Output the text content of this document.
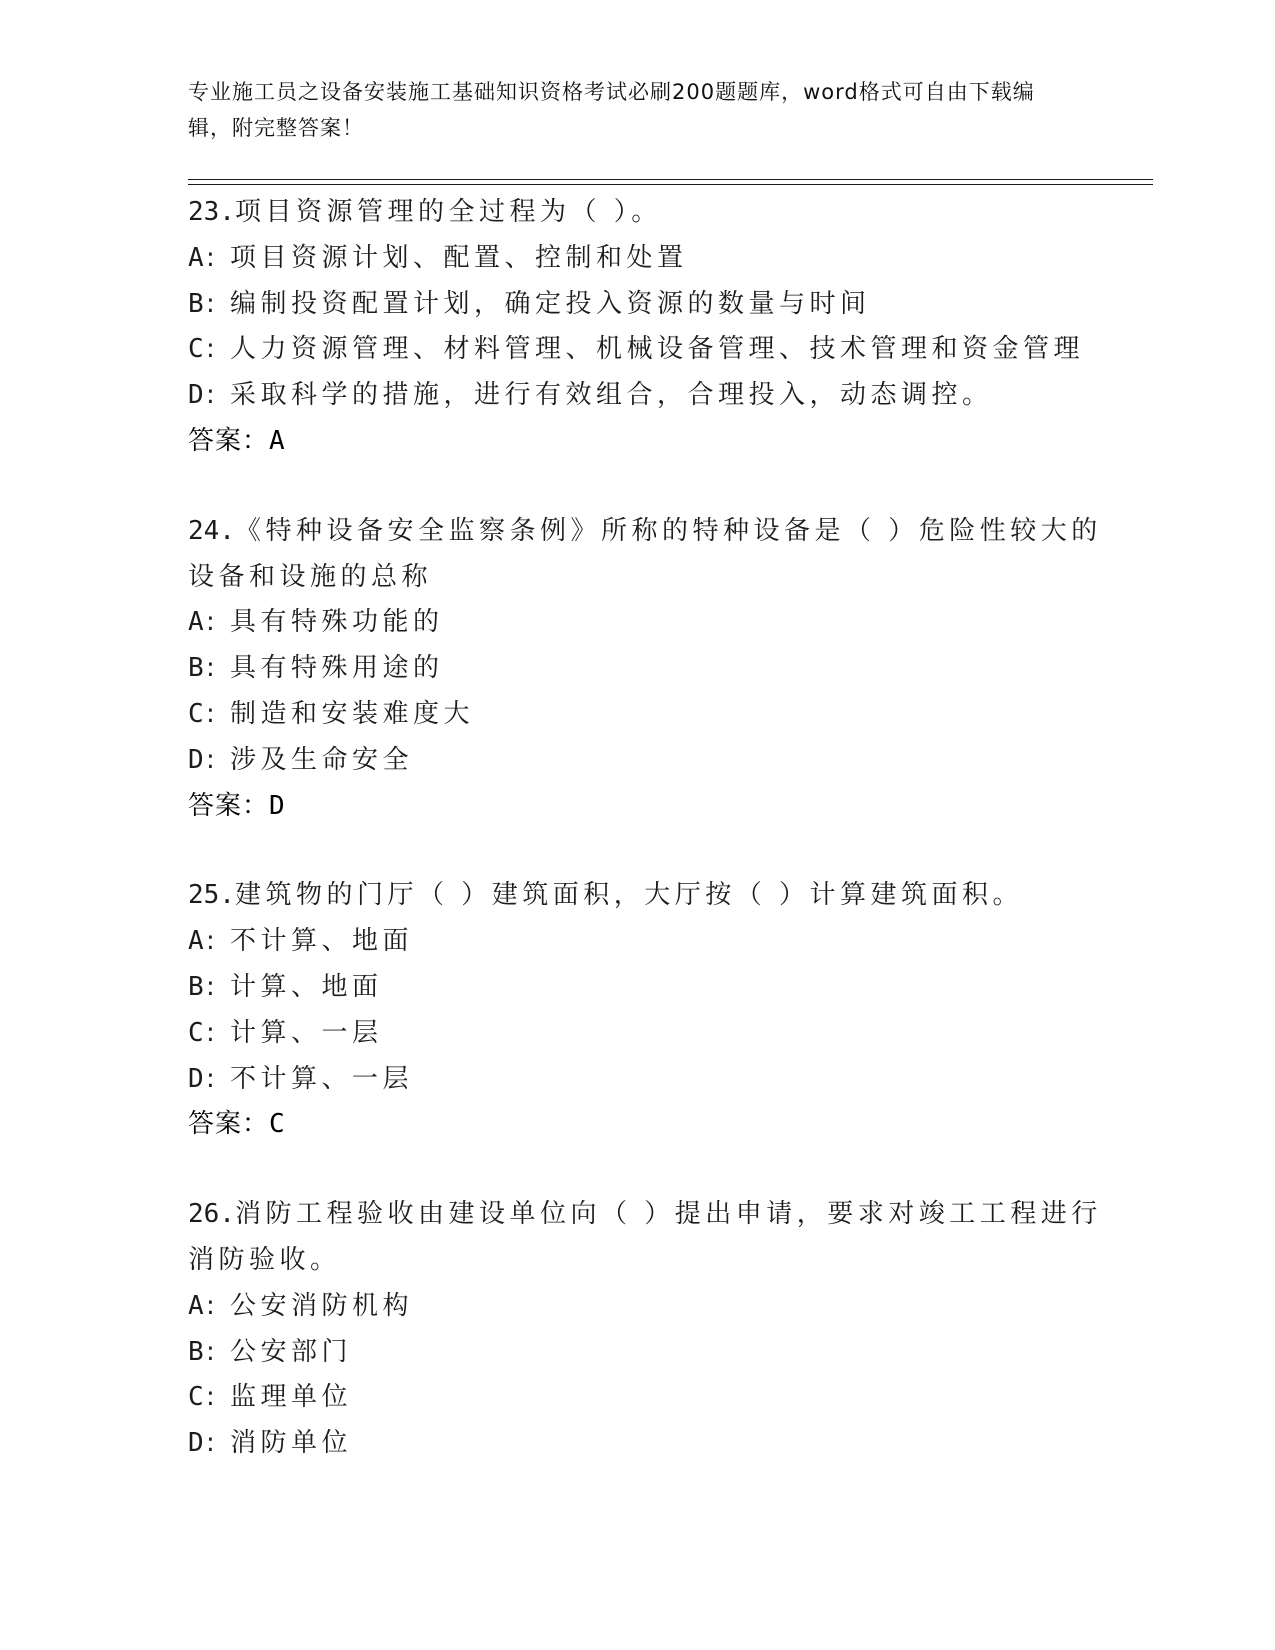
专业施工员之设备安装施工基础知识资格考试必刷200题题库，word格式可自由下载编辑，附完整答案！
23.项目资源管理的全过程为（ ）。
A: 项目资源计划、配置、控制和处置
B: 编制投资配置计划，确定投入资源的数量与时间
C: 人力资源管理、材料管理、机械设备管理、技术管理和资金管理
D: 采取科学的措施，进行有效组合，合理投入，动态调控。
答案：A
24.《特种设备安全监察条例》所称的特种设备是（ ）危险性较大的
设备和设施的总称
A: 具有特殊功能的
B: 具有特殊用途的
C: 制造和安装难度大
D: 涉及生命安全
答案：D
25.建筑物的门厅（ ）建筑面积，大厅按（ ）计算建筑面积。
A: 不计算、地面
B: 计算、地面
C: 计算、一层
D: 不计算、一层
答案：C
26.消防工程验收由建设单位向（ ）提出申请，要求对竣工工程进行
消防验收。
A: 公安消防机构
B: 公安部门
C: 监理单位
D: 消防单位
